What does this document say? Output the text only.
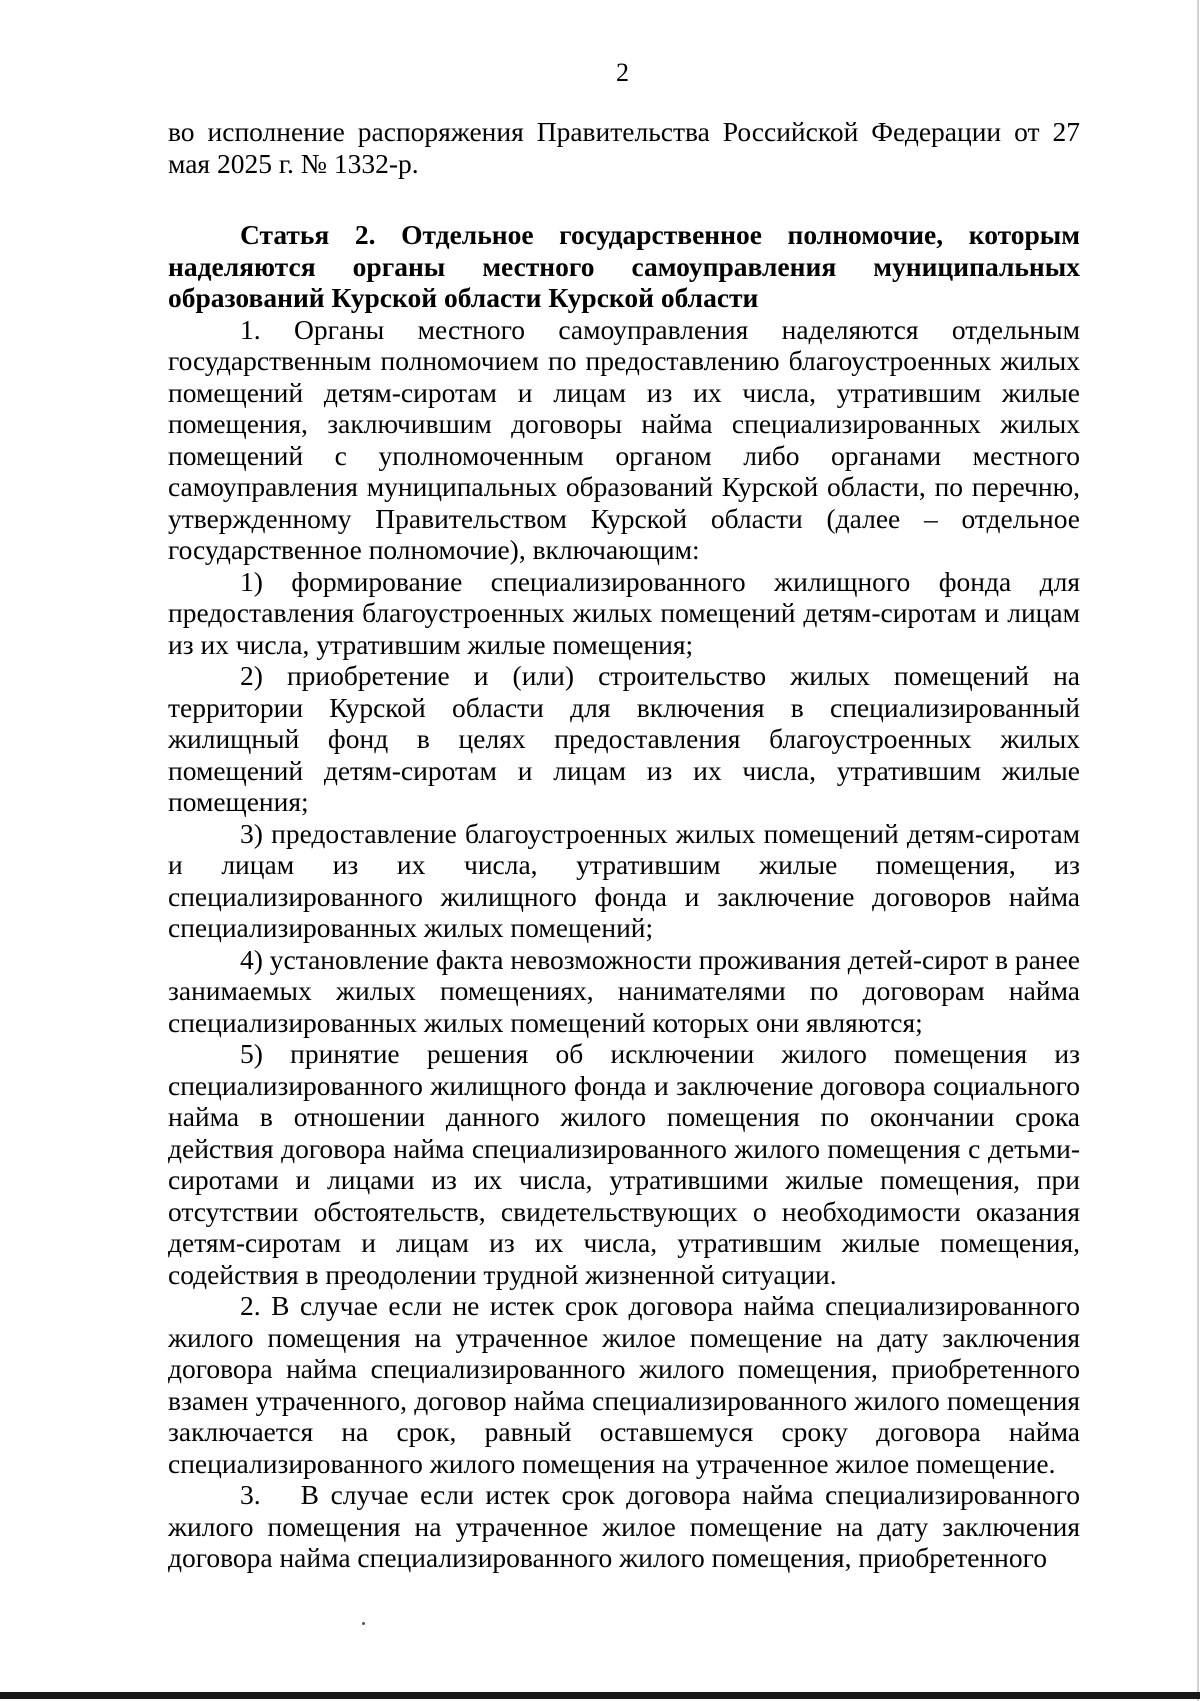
2

во исполнение распоряжения Правительства Российской Федерации от 27 мая 2025 г. № 1332-р.

Статья 2. Отдельное государственное полномочие, которым наделяются органы местного самоуправления муниципальных образований Курской области Курской области

1. Органы местного самоуправления наделяются отдельным государственным полномочием по предоставлению благоустроенных жилых помещений детям-сиротам и лицам из их числа, утратившим жилые помещения, заключившим договоры найма специализированных жилых помещений с уполномоченным органом либо органами местного самоуправления муниципальных образований Курской области, по перечню, утвержденному Правительством Курской области (далее – отдельное государственное полномочие), включающим:

1) формирование специализированного жилищного фонда для предоставления благоустроенных жилых помещений детям-сиротам и лицам из их числа, утратившим жилые помещения;

2) приобретение и (или) строительство жилых помещений на территории Курской области для включения в специализированный жилищный фонд в целях предоставления благоустроенных жилых помещений детям-сиротам и лицам из их числа, утратившим жилые помещения;

3) предоставление благоустроенных жилых помещений детям-сиротам и лицам из их числа, утратившим жилые помещения, из специализированного жилищного фонда и заключение договоров найма специализированных жилых помещений;

4) установление факта невозможности проживания детей-сирот в ранее занимаемых жилых помещениях, нанимателями по договорам найма специализированных жилых помещений которых они являются;

5) принятие решения об исключении жилого помещения из специализированного жилищного фонда и заключение договора социального найма в отношении данного жилого помещения по окончании срока действия договора найма специализированного жилого помещения с детьми-сиротами и лицами из их числа, утратившими жилые помещения, при отсутствии обстоятельств, свидетельствующих о необходимости оказания детям-сиротам и лицам из их числа, утратившим жилые помещения, содействия в преодолении трудной жизненной ситуации.

2. В случае если не истек срок договора найма специализированного жилого помещения на утраченное жилое помещение на дату заключения договора найма специализированного жилого помещения, приобретенного взамен утраченного, договор найма специализированного жилого помещения заключается на срок, равный оставшемуся сроку договора найма специализированного жилого помещения на утраченное жилое помещение.

3. В случае если истек срок договора найма специализированного жилого помещения на утраченное жилое помещение на дату заключения договора найма специализированного жилого помещения, приобретенного
